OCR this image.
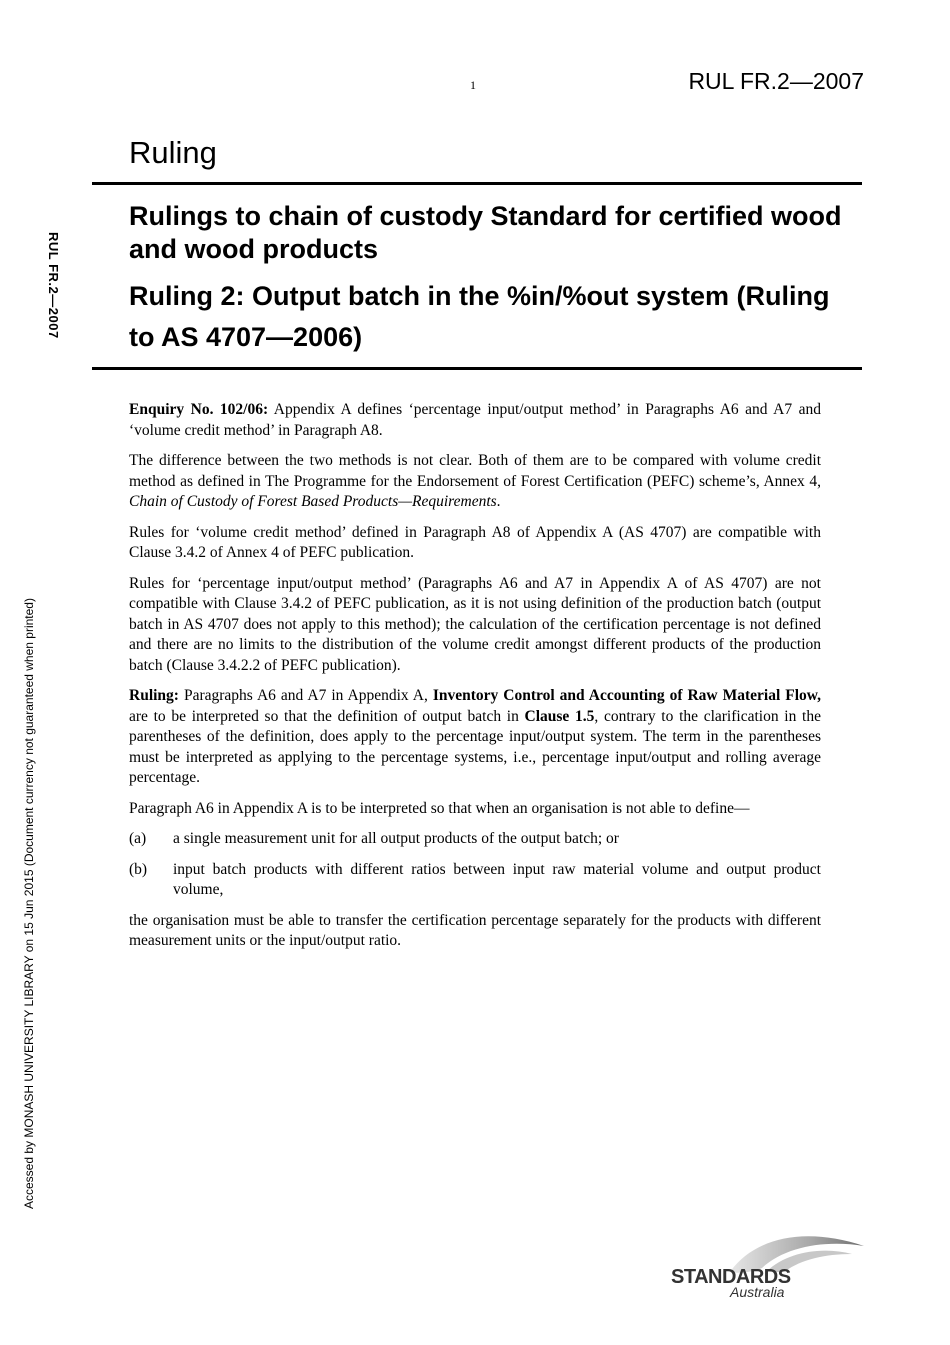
1	RUL FR.2—2007
Ruling
Rulings to chain of custody Standard for certified wood and wood products
Ruling 2: Output batch in the %in/%out system (Ruling to AS 4707—2006)
RUL FR.2—2007
Accessed by MONASH UNIVERSITY LIBRARY on 15 Jun 2015 (Document currency not guaranteed when printed)

Enquiry No. 102/06: Appendix A defines ‘percentage input/output method’ in Paragraphs A6 and A7 and ‘volume credit method’ in Paragraph A8.

The difference between the two methods is not clear. Both of them are to be compared with volume credit method as defined in The Programme for the Endorsement of Forest Certification (PEFC) scheme’s, Annex 4, Chain of Custody of Forest Based Products—Requirements.

Rules for ‘volume credit method’ defined in Paragraph A8 of Appendix A (AS 4707) are compatible with Clause 3.4.2 of Annex 4 of PEFC publication.

Rules for ‘percentage input/output method’ (Paragraphs A6 and A7 in Appendix A of AS 4707) are not compatible with Clause 3.4.2 of PEFC publication, as it is not using definition of the production batch (output batch in AS 4707 does not apply to this method); the calculation of the certification percentage is not defined and there are no limits to the distribution of the volume credit amongst different products of the production batch (Clause 3.4.2.2 of PEFC publication).

Ruling: Paragraphs A6 and A7 in Appendix A, Inventory Control and Accounting of Raw Material Flow, are to be interpreted so that the definition of output batch in Clause 1.5, contrary to the clarification in the parentheses of the definition, does apply to the percentage input/output system. The term in the parentheses must be interpreted as applying to the percentage systems, i.e., percentage input/output and rolling average percentage.

Paragraph A6 in Appendix A is to be interpreted so that when an organisation is not able to define—

(a)	a single measurement unit for all output products of the output batch; or
(b)	input batch products with different ratios between input raw material volume and output product volume,

the organisation must be able to transfer the certification percentage separately for the products with different measurement units or the input/output ratio.

STANDARDS
Australia
